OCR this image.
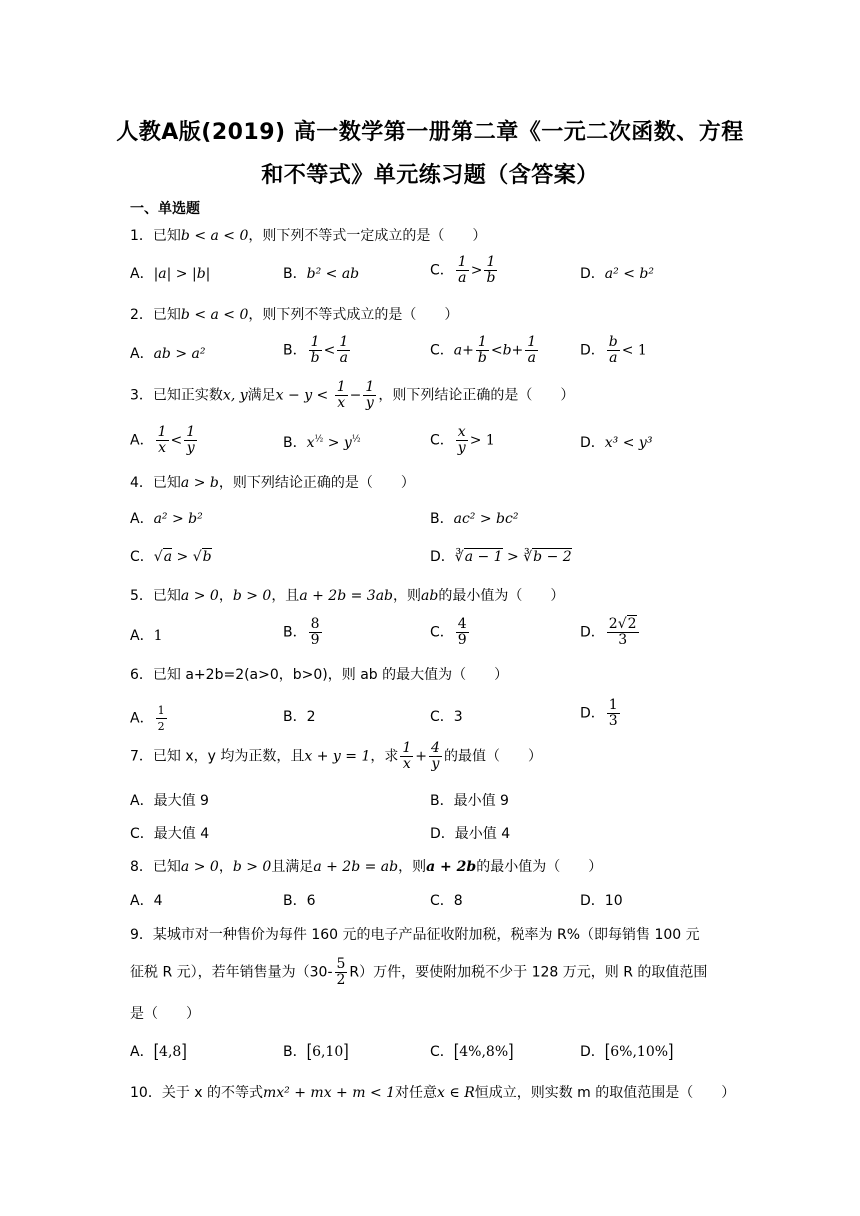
人教A版(2019) 高一数学第一册第二章《一元二次函数、方程
和不等式》单元练习题（含答案）
一、单选题
1．已知b < a < 0，则下列不等式一定成立的是（　　）
A．|a| > |b|	B．b² < ab	C． $\frac{1}{a} > \frac{1}{b}$	D．a² < b²
2．已知b < a < 0，则下列不等式成立的是（　　）
A．ab > a²	B． $\frac{1}{b} < \frac{1}{a}$	C．$a+ \frac{1}{b} <b+ \frac{1}{a}$	D． $\frac{b}{a} < 1$
3．已知正实数x, y满足$x - y < \frac{1}{x} - \frac{1}{y}$ ，则下列结论正确的是（　　）
A． $\frac{1}{x} < \frac{1}{y}$	B．$x^{\frac{1}{2}} > y^{\frac{1}{2}}$	C． $\frac{x}{y} > 1$	D．x³ < y³
4．已知a > b，则下列结论正确的是（　　）
A．a² > b²	B．ac² > bc²
C．√a > √b	D．∛a − 1 > ∛b − 2
5．已知a > 0，b > 0，且a + 2b = 3ab，则ab的最小值为（　　）
A．1	B． $\frac{8}{9}$	C． $\frac{4}{9}$	D． $\frac{2√2}{3}$
6．已知 a+2b=2(a>0，b>0)，则 ab 的最大值为（　　）
A． $\frac{1}{2}$	B．2	C．3	D． $\frac{1}{3}$
7．已知 x，y 均为正数，且x + y = 1，求 $\frac{1}{x} + \frac{4}{y}$ 的最值（　　）
A．最大值 9	B．最小值 9
C．最大值 4	D．最小值 4
8．已知a > 0，b > 0且满足a + 2b = ab，则a + 2b的最小值为（　　）
A．4	B．6	C．8	D．10
9．某城市对一种售价为每件 160 元的电子产品征收附加税，税率为 R%（即每销售 100 元
征税 R 元），若年销售量为$(30- \frac{5}{2} R)$万件，要使附加税不少于 128 万元，则 R 的取值范围
是（　　）
A．[4,8]	B．[6,10]	C．[4%,8%]	D．[6%,10%]
10．关于 x 的不等式mx² + mx + m < 1对任意x ∈ R恒成立，则实数 m 的取值范围是（　　）
